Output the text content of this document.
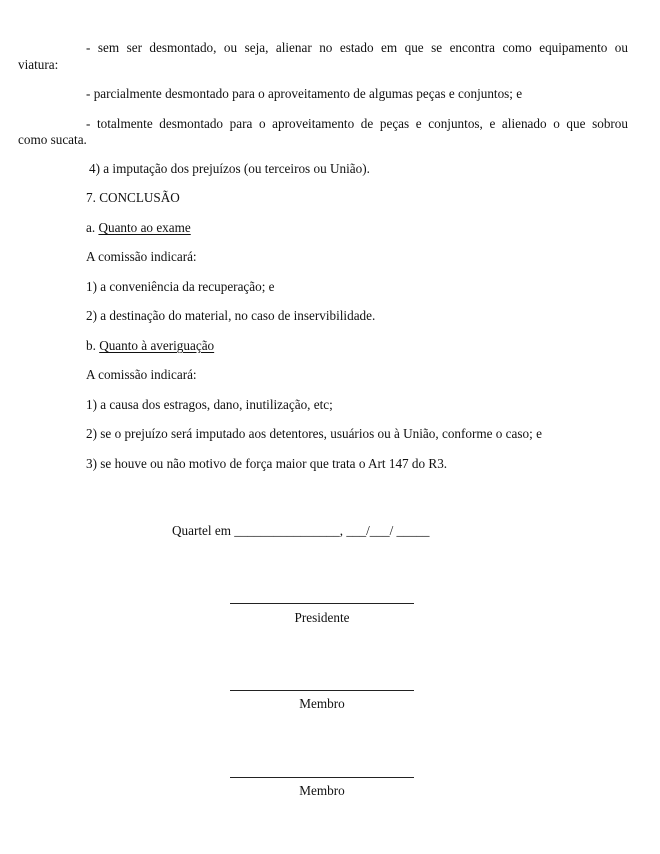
- sem ser desmontado, ou seja, alienar no estado em que se encontra como equipamento ou
viatura:
- parcialmente desmontado para o aproveitamento de algumas peças e conjuntos; e
- totalmente desmontado para o aproveitamento de peças e conjuntos, e alienado o que sobrou
como sucata.
4) a imputação dos prejuízos (ou terceiros ou União).
7. CONCLUSÃO
a. Quanto ao exame
A comissão indicará:
1) a conveniência da recuperação; e
2) a destinação do material, no caso de inservibilidade.
b. Quanto à averiguação
A comissão indicará:
1) a causa dos estragos, dano, inutilização, etc;
2) se o prejuízo será imputado aos detentores, usuários ou à União, conforme o caso; e
3) se houve ou não motivo de força maior que trata o Art 147 do R3.
Quartel em ________________, ___/___/ _____
Presidente
Membro
Membro
